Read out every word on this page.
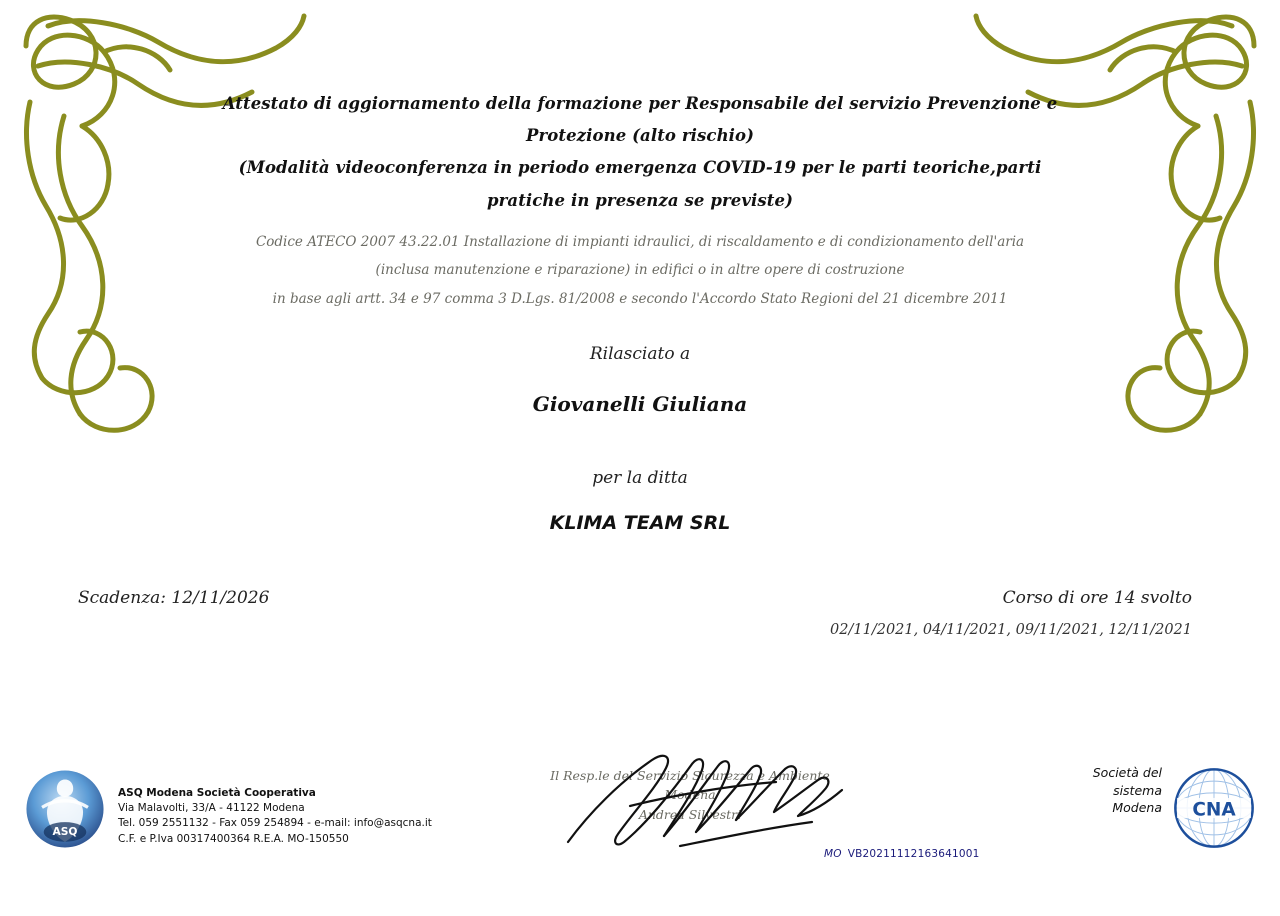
Attestato di aggiornamento della formazione per Responsabile del servizio Prevenzione e
Protezione (alto rischio)
(Modalità videoconferenza in periodo emergenza COVID-19 per le parti teoriche,parti
pratiche in presenza se previste)
Codice ATECO 2007 43.22.01 Installazione di impianti idraulici, di riscaldamento e di condizionamento dell'aria
(inclusa manutenzione e riparazione) in edifici o in altre opere di costruzione
in base agli artt. 34 e 97 comma 3 D.Lgs. 81/2008 e secondo l'Accordo Stato Regioni del 21 dicembre 2011
Rilasciato a
Giovanelli Giuliana
per la ditta
KLIMA TEAM SRL
Scadenza: 12/11/2026	Corso di ore 14 svolto
02/11/2021, 04/11/2021, 09/11/2021, 12/11/2021
Il Resp.le del Servizio Sicurezza e Ambiente
Modena
Andrea Silvestri
ASQ
ASQ Modena Società Cooperativa
Via Malavolti, 33/A - 41122 Modena
Tel. 059 2551132 - Fax 059 254894 - e-mail: info@asqcna.it
C.F. e P.Iva 00317400364 R.E.A. MO-150550
Società del
sistema
Modena CNA
MO VB20211112163641001
